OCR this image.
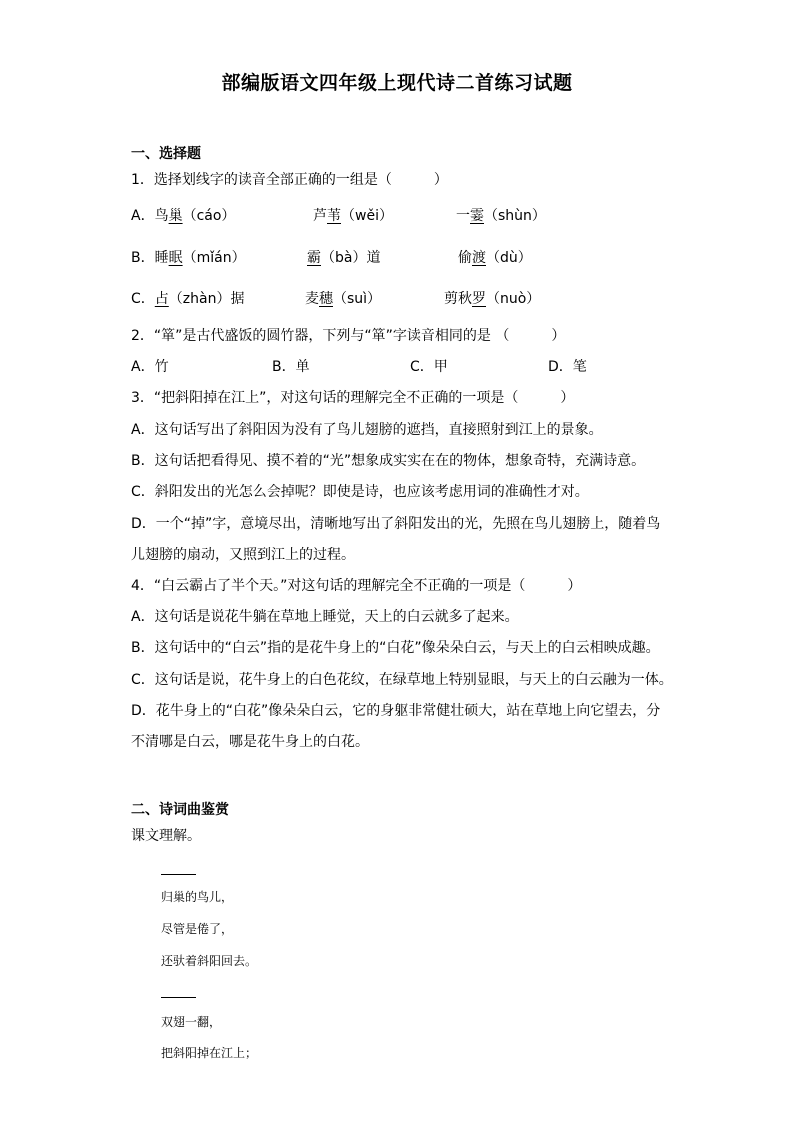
部编版语文四年级上现代诗二首练习试题
一、选择题
1．选择划线字的读音全部正确的一组是（　　　）
A．鸟巢（cáo）	芦苇（wěi）	一霎（shùn）
B．睡眠（mǐán）	霸（bà）道	偷渡（dù）
C．占（zhàn）据	麦穗（suì）	剪秋罗（nuò）
2．“箪”是古代盛饭的圆竹器，下列与“箪”字读音相同的是 （　　　）
A．竹	B．单	C．甲	D．笔
3．“把斜阳掉在江上”，对这句话的理解完全不正确的一项是（　　　）
A．这句话写出了斜阳因为没有了鸟儿翅膀的遮挡，直接照射到江上的景象。
B．这句话把看得见、摸不着的“光”想象成实实在在的物体，想象奇特，充满诗意。
C．斜阳发出的光怎么会掉呢？即使是诗，也应该考虑用词的准确性才对。
D．一个“掉”字，意境尽出，清晰地写出了斜阳发出的光，先照在鸟儿翅膀上，随着鸟
儿翅膀的扇动，又照到江上的过程。
4．“白云霸占了半个天。”对这句话的理解完全不正确的一项是（　　　）
A．这句话是说花牛躺在草地上睡觉，天上的白云就多了起来。
B．这句话中的“白云”指的是花牛身上的“白花”像朵朵白云，与天上的白云相映成趣。
C．这句话是说，花牛身上的白色花纹，在绿草地上特别显眼，与天上的白云融为一体。
D．花牛身上的“白花”像朵朵白云，它的身躯非常健壮硕大，站在草地上向它望去，分
不清哪是白云，哪是花牛身上的白花。
二、诗词曲鉴赏
课文理解。
归巢的鸟儿，
尽管是倦了，
还驮着斜阳回去。
双翅一翻，
把斜阳掉在江上；
